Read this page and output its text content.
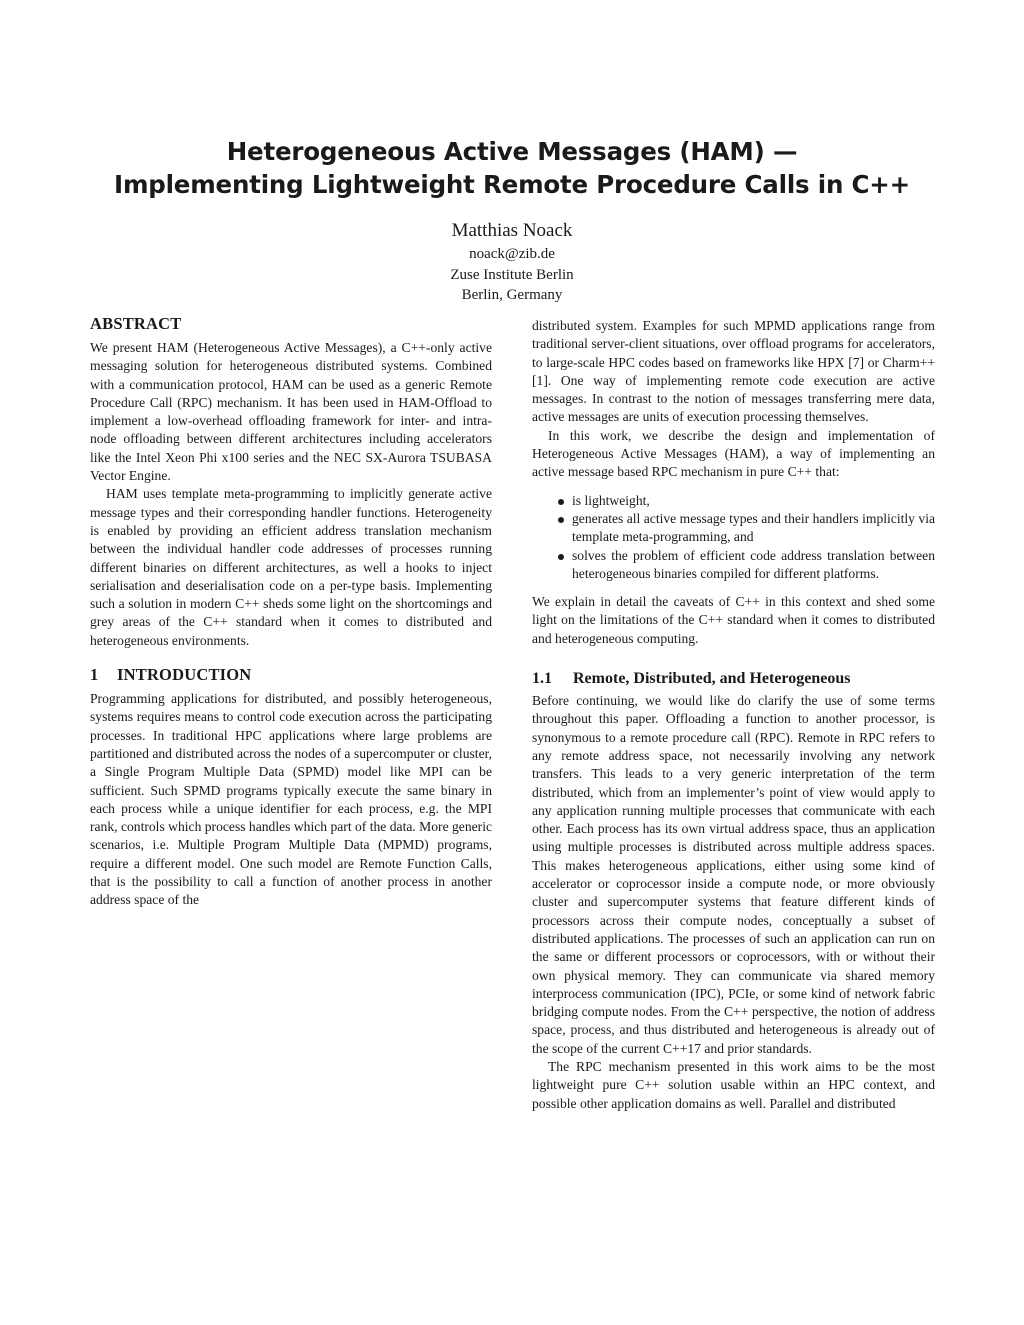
Heterogeneous Active Messages (HAM) —
Implementing Lightweight Remote Procedure Calls in C++
Matthias Noack
noack@zib.de
Zuse Institute Berlin
Berlin, Germany
ABSTRACT

We present HAM (Heterogeneous Active Messages), a C++-only active messaging solution for heterogeneous distributed systems. Combined with a communication protocol, HAM can be used as a generic Remote Procedure Call (RPC) mechanism. It has been used in HAM-Offload to implement a low-overhead offloading framework for inter- and intra-node offloading between different architectures including accelerators like the Intel Xeon Phi x100 series and the NEC SX-Aurora TSUBASA Vector Engine.

HAM uses template meta-programming to implicitly generate active message types and their corresponding handler functions. Heterogeneity is enabled by providing an efficient address translation mechanism between the individual handler code addresses of processes running different binaries on different architectures, as well a hooks to inject serialisation and deserialisation code on a per-type basis. Implementing such a solution in modern C++ sheds some light on the shortcomings and grey areas of the C++ standard when it comes to distributed and heterogeneous environments.

1 INTRODUCTION

Programming applications for distributed, and possibly heterogeneous, systems requires means to control code execution across the participating processes. In traditional HPC applications where large problems are partitioned and distributed across the nodes of a supercomputer or cluster, a Single Program Multiple Data (SPMD) model like MPI can be sufficient. Such SPMD programs typically execute the same binary in each process while a unique identifier for each process, e.g. the MPI rank, controls which process handles which part of the data. More generic scenarios, i.e. Multiple Program Multiple Data (MPMD) programs, require a different model. One such model are Remote Function Calls, that is the possibility to call a function of another process in another address space of the

distributed system. Examples for such MPMD applications range from traditional server-client situations, over offload programs for accelerators, to large-scale HPC codes based on frameworks like HPX [7] or Charm++[1]. One way of implementing remote code execution are active messages. In contrast to the notion of messages transferring mere data, active messages are units of execution processing themselves.

In this work, we describe the design and implementation of Heterogeneous Active Messages (HAM), a way of implementing an active message based RPC mechanism in pure C++ that:

is lightweight,
generates all active message types and their handlers implicitly via template meta-programming, and
solves the problem of efficient code address translation between heterogeneous binaries compiled for different platforms.

We explain in detail the caveats of C++ in this context and shed some light on the limitations of the C++ standard when it comes to distributed and heterogeneous computing.

1.1 Remote, Distributed, and Heterogeneous

Before continuing, we would like do clarify the use of some terms throughout this paper. Offloading a function to another processor, is synonymous to a remote procedure call (RPC). Remote in RPC refers to any remote address space, not necessarily involving any network transfers. This leads to a very generic interpretation of the term distributed, which from an implementer’s point of view would apply to any application running multiple processes that communicate with each other. Each process has its own virtual address space, thus an application using multiple processes is distributed across multiple address spaces. This makes heterogeneous applications, either using some kind of accelerator or coprocessor inside a compute node, or more obviously cluster and supercomputer systems that feature different kinds of processors across their compute nodes, conceptually a subset of distributed applications. The processes of such an application can run on the same or different processors or coprocessors, with or without their own physical memory. They can communicate via shared memory interprocess communication (IPC), PCIe, or some kind of network fabric bridging compute nodes. From the C++ perspective, the notion of address space, process, and thus distributed and heterogeneous is already out of the scope of the current C++17 and prior standards.

The RPC mechanism presented in this work aims to be the most lightweight pure C++ solution usable within an HPC context, and possible other application domains as well. Parallel and distributed
